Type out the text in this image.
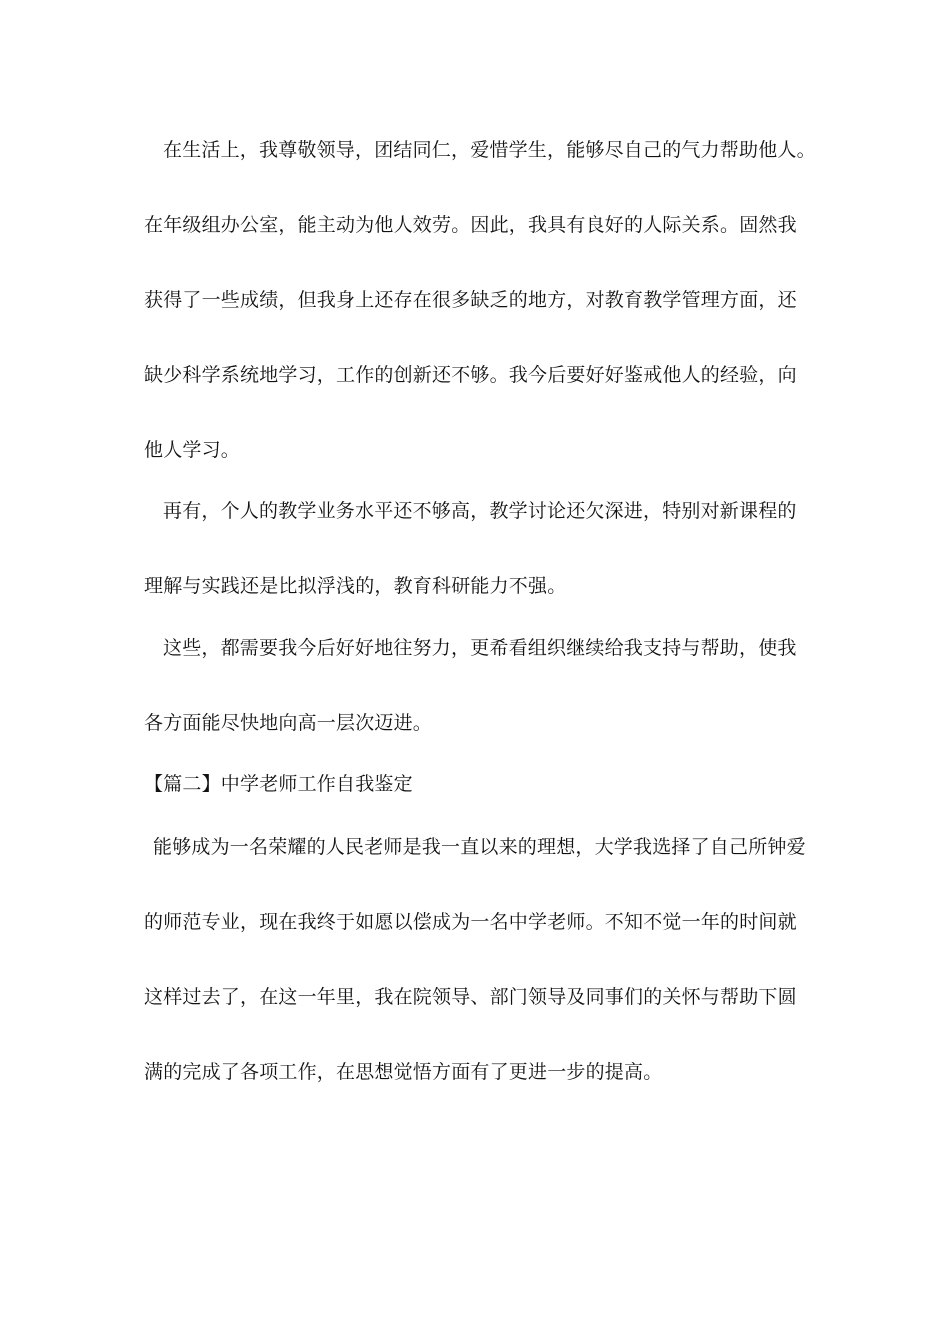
在生活上，我尊敬领导，团结同仁，爱惜学生，能够尽自己的气力帮助他人。
在年级组办公室，能主动为他人效劳。因此，我具有良好的人际关系。固然我
获得了一些成绩，但我身上还存在很多缺乏的地方，对教育教学管理方面，还
缺少科学系统地学习，工作的创新还不够。我今后要好好鉴戒他人的经验，向
他人学习。
再有，个人的教学业务水平还不够高，教学讨论还欠深进，特别对新课程的
理解与实践还是比拟浮浅的，教育科研能力不强。
这些，都需要我今后好好地往努力，更希看组织继续给我支持与帮助，使我
各方面能尽快地向高一层次迈进。
【篇二】中学老师工作自我鉴定
能够成为一名荣耀的人民老师是我一直以来的理想，大学我选择了自己所钟爱
的师范专业，现在我终于如愿以偿成为一名中学老师。不知不觉一年的时间就
这样过去了，在这一年里，我在院领导、部门领导及同事们的关怀与帮助下圆
满的完成了各项工作，在思想觉悟方面有了更进一步的提高。
